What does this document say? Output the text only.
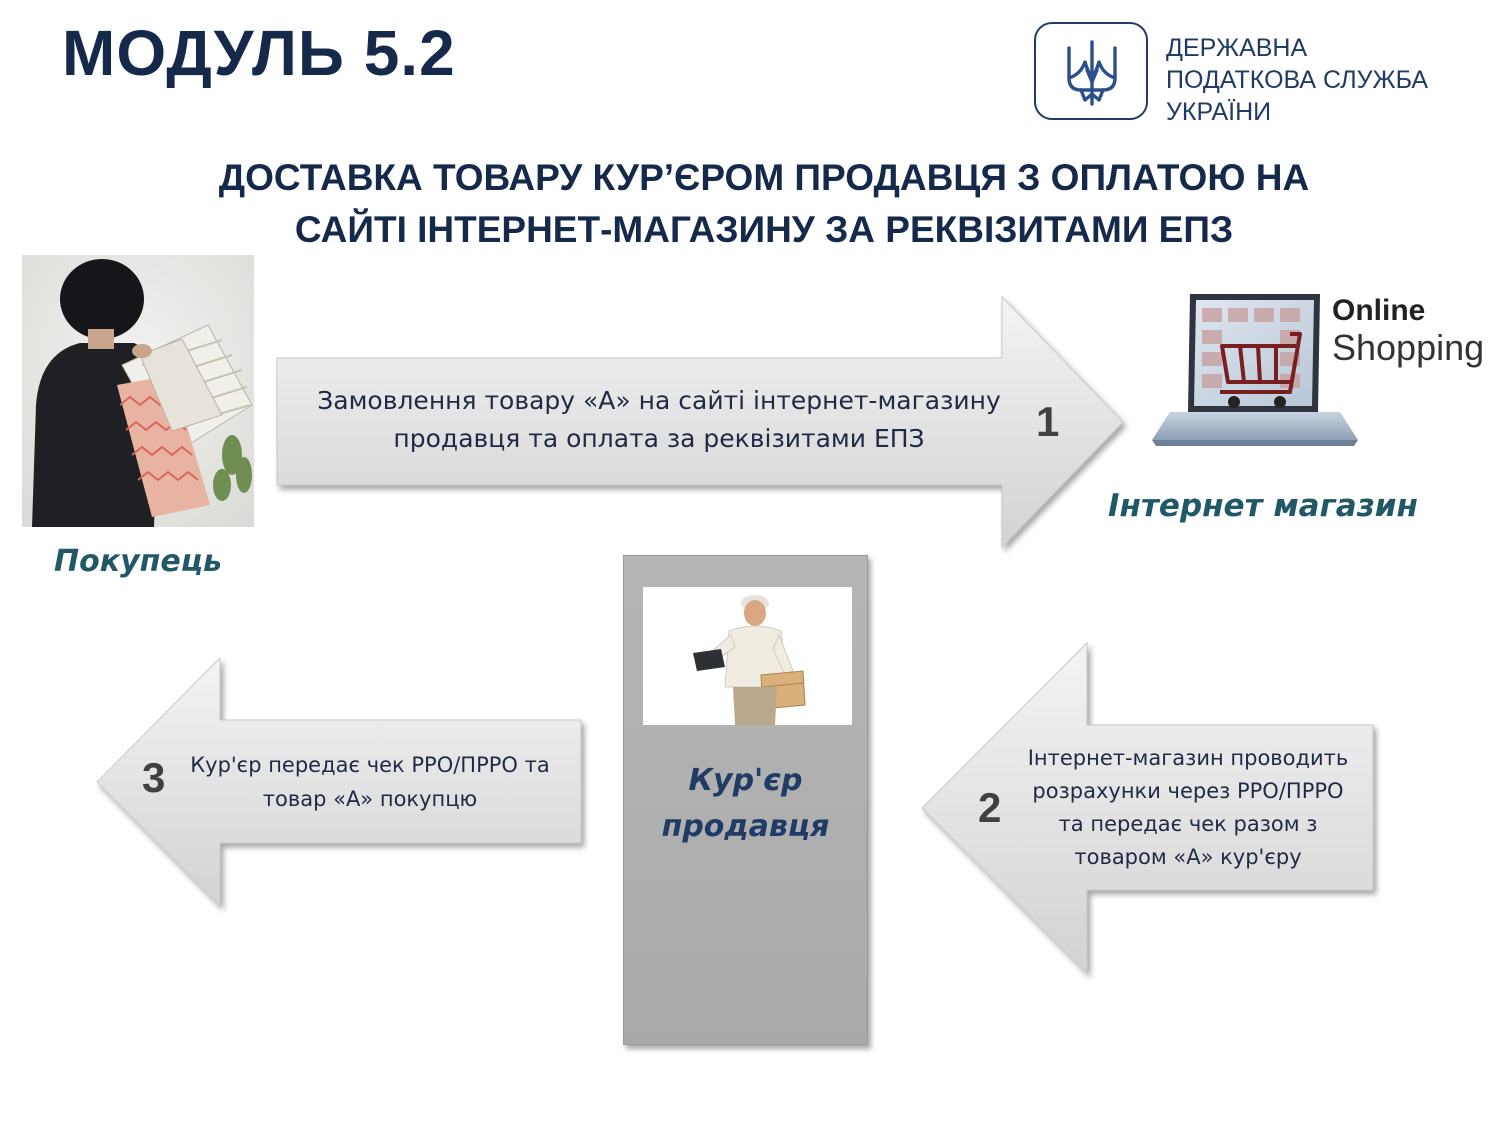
МОДУЛЬ 5.2	ДЕРЖАВНА
ПОДАТКОВА СЛУЖБА
УКРАЇНИ
ДОСТАВКА ТОВАРУ КУР’ЄРОМ ПРОДАВЦЯ З ОПЛАТОЮ НА
САЙТІ ІНТЕРНЕТ-МАГАЗИНУ ЗА РЕКВІЗИТАМИ ЕПЗ
Покупець
Online
Shopping
Інтернет магазин
Кур'єр
продавця
Замовлення товару «А» на сайті інтернет-магазину
продавця та оплата за реквізитами ЕПЗ	1
Інтернет-магазин проводить
розрахунки через РРО/ПРРО
та передає чек разом з
товаром «А» кур'єру
2
Кур'єр передає чек РРО/ПРРО та
товар «А» покупцю
3
